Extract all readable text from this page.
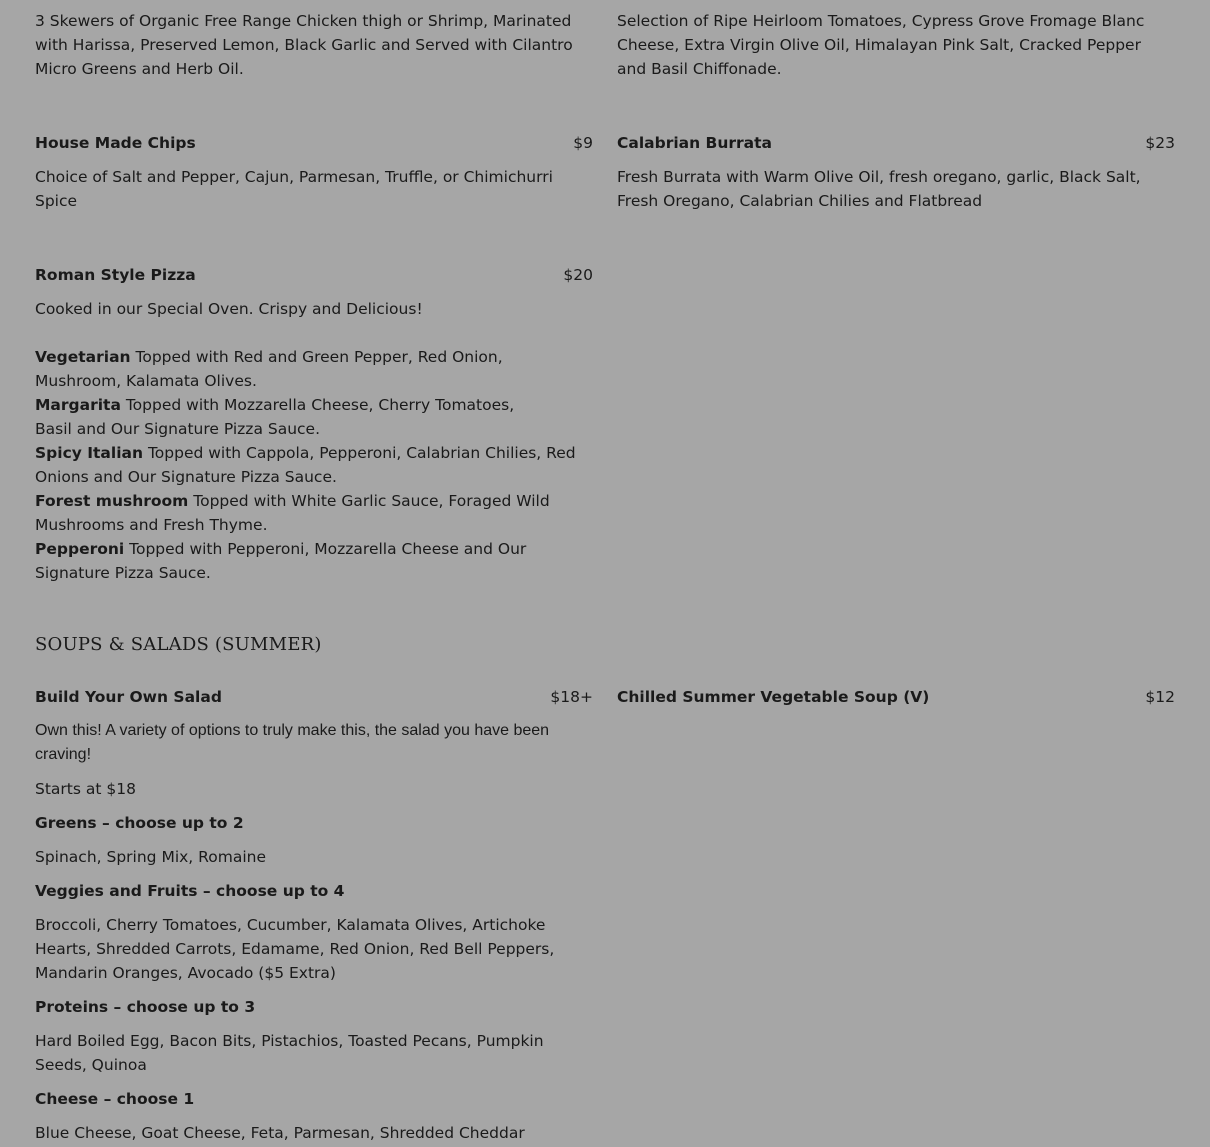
3 Skewers of Organic Free Range Chicken thigh or Shrimp, Marinated with Harissa, Preserved Lemon, Black Garlic and Served with Cilantro Micro Greens and Herb Oil.

Selection of Ripe Heirloom Tomatoes, Cypress Grove Fromage Blanc Cheese, Extra Virgin Olive Oil, Himalayan Pink Salt, Cracked Pepper and Basil Chiffonade.

House Made Chips	$9

Choice of Salt and Pepper, Cajun, Parmesan, Truffle, or Chimichurri Spice

Calabrian Burrata	$23

Fresh Burrata with Warm Olive Oil, fresh oregano, garlic, Black Salt, Fresh Oregano, Calabrian Chilies and Flatbread

Roman Style Pizza	$20

Cooked in our Special Oven. Crispy and Delicious!

Vegetarian Topped with Red and Green Pepper, Red Onion, Mushroom, Kalamata Olives.

Margarita Topped with Mozzarella Cheese, Cherry Tomatoes, Basil and Our Signature Pizza Sauce.

Spicy Italian Topped with Cappola, Pepperoni, Calabrian Chilies, Red Onions and Our Signature Pizza Sauce.

Forest mushroom Topped with White Garlic Sauce, Foraged Wild Mushrooms and Fresh Thyme.

Pepperoni Topped with Pepperoni, Mozzarella Cheese and Our Signature Pizza Sauce.

SOUPS & SALADS (SUMMER)
Build Your Own Salad	$18+

Own this! A variety of options to truly make this, the salad you have been craving!

Starts at $18

Greens – choose up to 2

Spinach, Spring Mix, Romaine

Veggies and Fruits – choose up to 4

Broccoli, Cherry Tomatoes, Cucumber, Kalamata Olives, Artichoke Hearts, Shredded Carrots, Edamame, Red Onion, Red Bell Peppers, Mandarin Oranges, Avocado ($5 Extra)

Proteins – choose up to 3

Hard Boiled Egg, Bacon Bits, Pistachios, Toasted Pecans, Pumpkin Seeds, Quinoa

Cheese – choose 1

Blue Cheese, Goat Cheese, Feta, Parmesan, Shredded Cheddar

Chilled Summer Vegetable Soup (V)	$12
